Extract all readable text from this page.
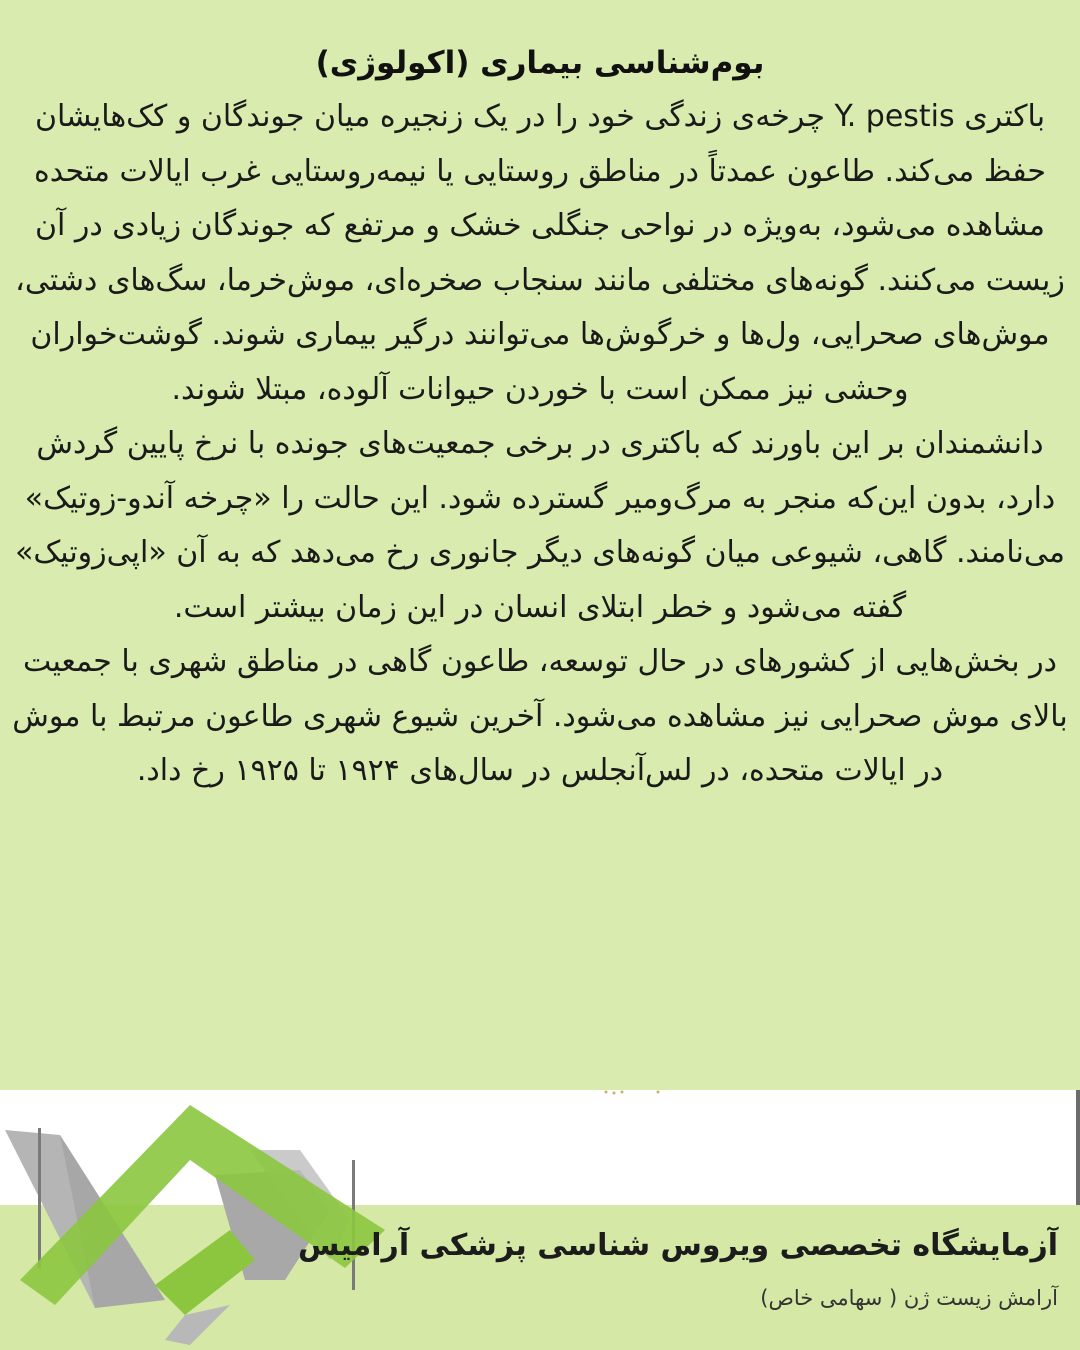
بوم‌شناسی بیماری (اکولوژی)

باکتری Y. pestis چرخه‌ی زندگی خود را در یک زنجیره میان جوندگان و کک‌هایشان حفظ می‌کند. طاعون عمدتاً در مناطق روستایی یا نیمه‌روستایی غرب ایالات متحده مشاهده می‌شود، به‌ویژه در نواحی جنگلی خشک و مرتفع که جوندگان زیادی در آن زیست می‌کنند. گونه‌های مختلفی مانند سنجاب صخره‌ای، موش‌خرما، سگ‌های دشتی، موش‌های صحرایی، ول‌ها و خرگوش‌ها می‌توانند درگیر بیماری شوند. گوشت‌خواران وحشی نیز ممکن است با خوردن حیوانات آلوده، مبتلا شوند.

دانشمندان بر این باورند که باکتری در برخی جمعیت‌های جونده با نرخ پایین گردش دارد، بدون این‌که منجر به مرگ‌ومیر گسترده شود. این حالت را «چرخه آندو-زوتیک» می‌نامند. گاهی، شیوعی میان گونه‌های دیگر جانوری رخ می‌دهد که به آن «اپی‌زوتیک» گفته می‌شود و خطر ابتلای انسان در این زمان بیشتر است.

در بخش‌هایی از کشورهای در حال توسعه، طاعون گاهی در مناطق شهری با جمعیت بالای موش صحرایی نیز مشاهده می‌شود. آخرین شیوع شهری طاعون مرتبط با موش در ایالات متحده، در لس‌آنجلس در سال‌های ۱۹۲۴ تا ۱۹۲۵ رخ داد.

آزمایشگاه تخصصی ویروس شناسی پزشکی آرامیس
آرامش زیست ژن ( سهامی خاص)
